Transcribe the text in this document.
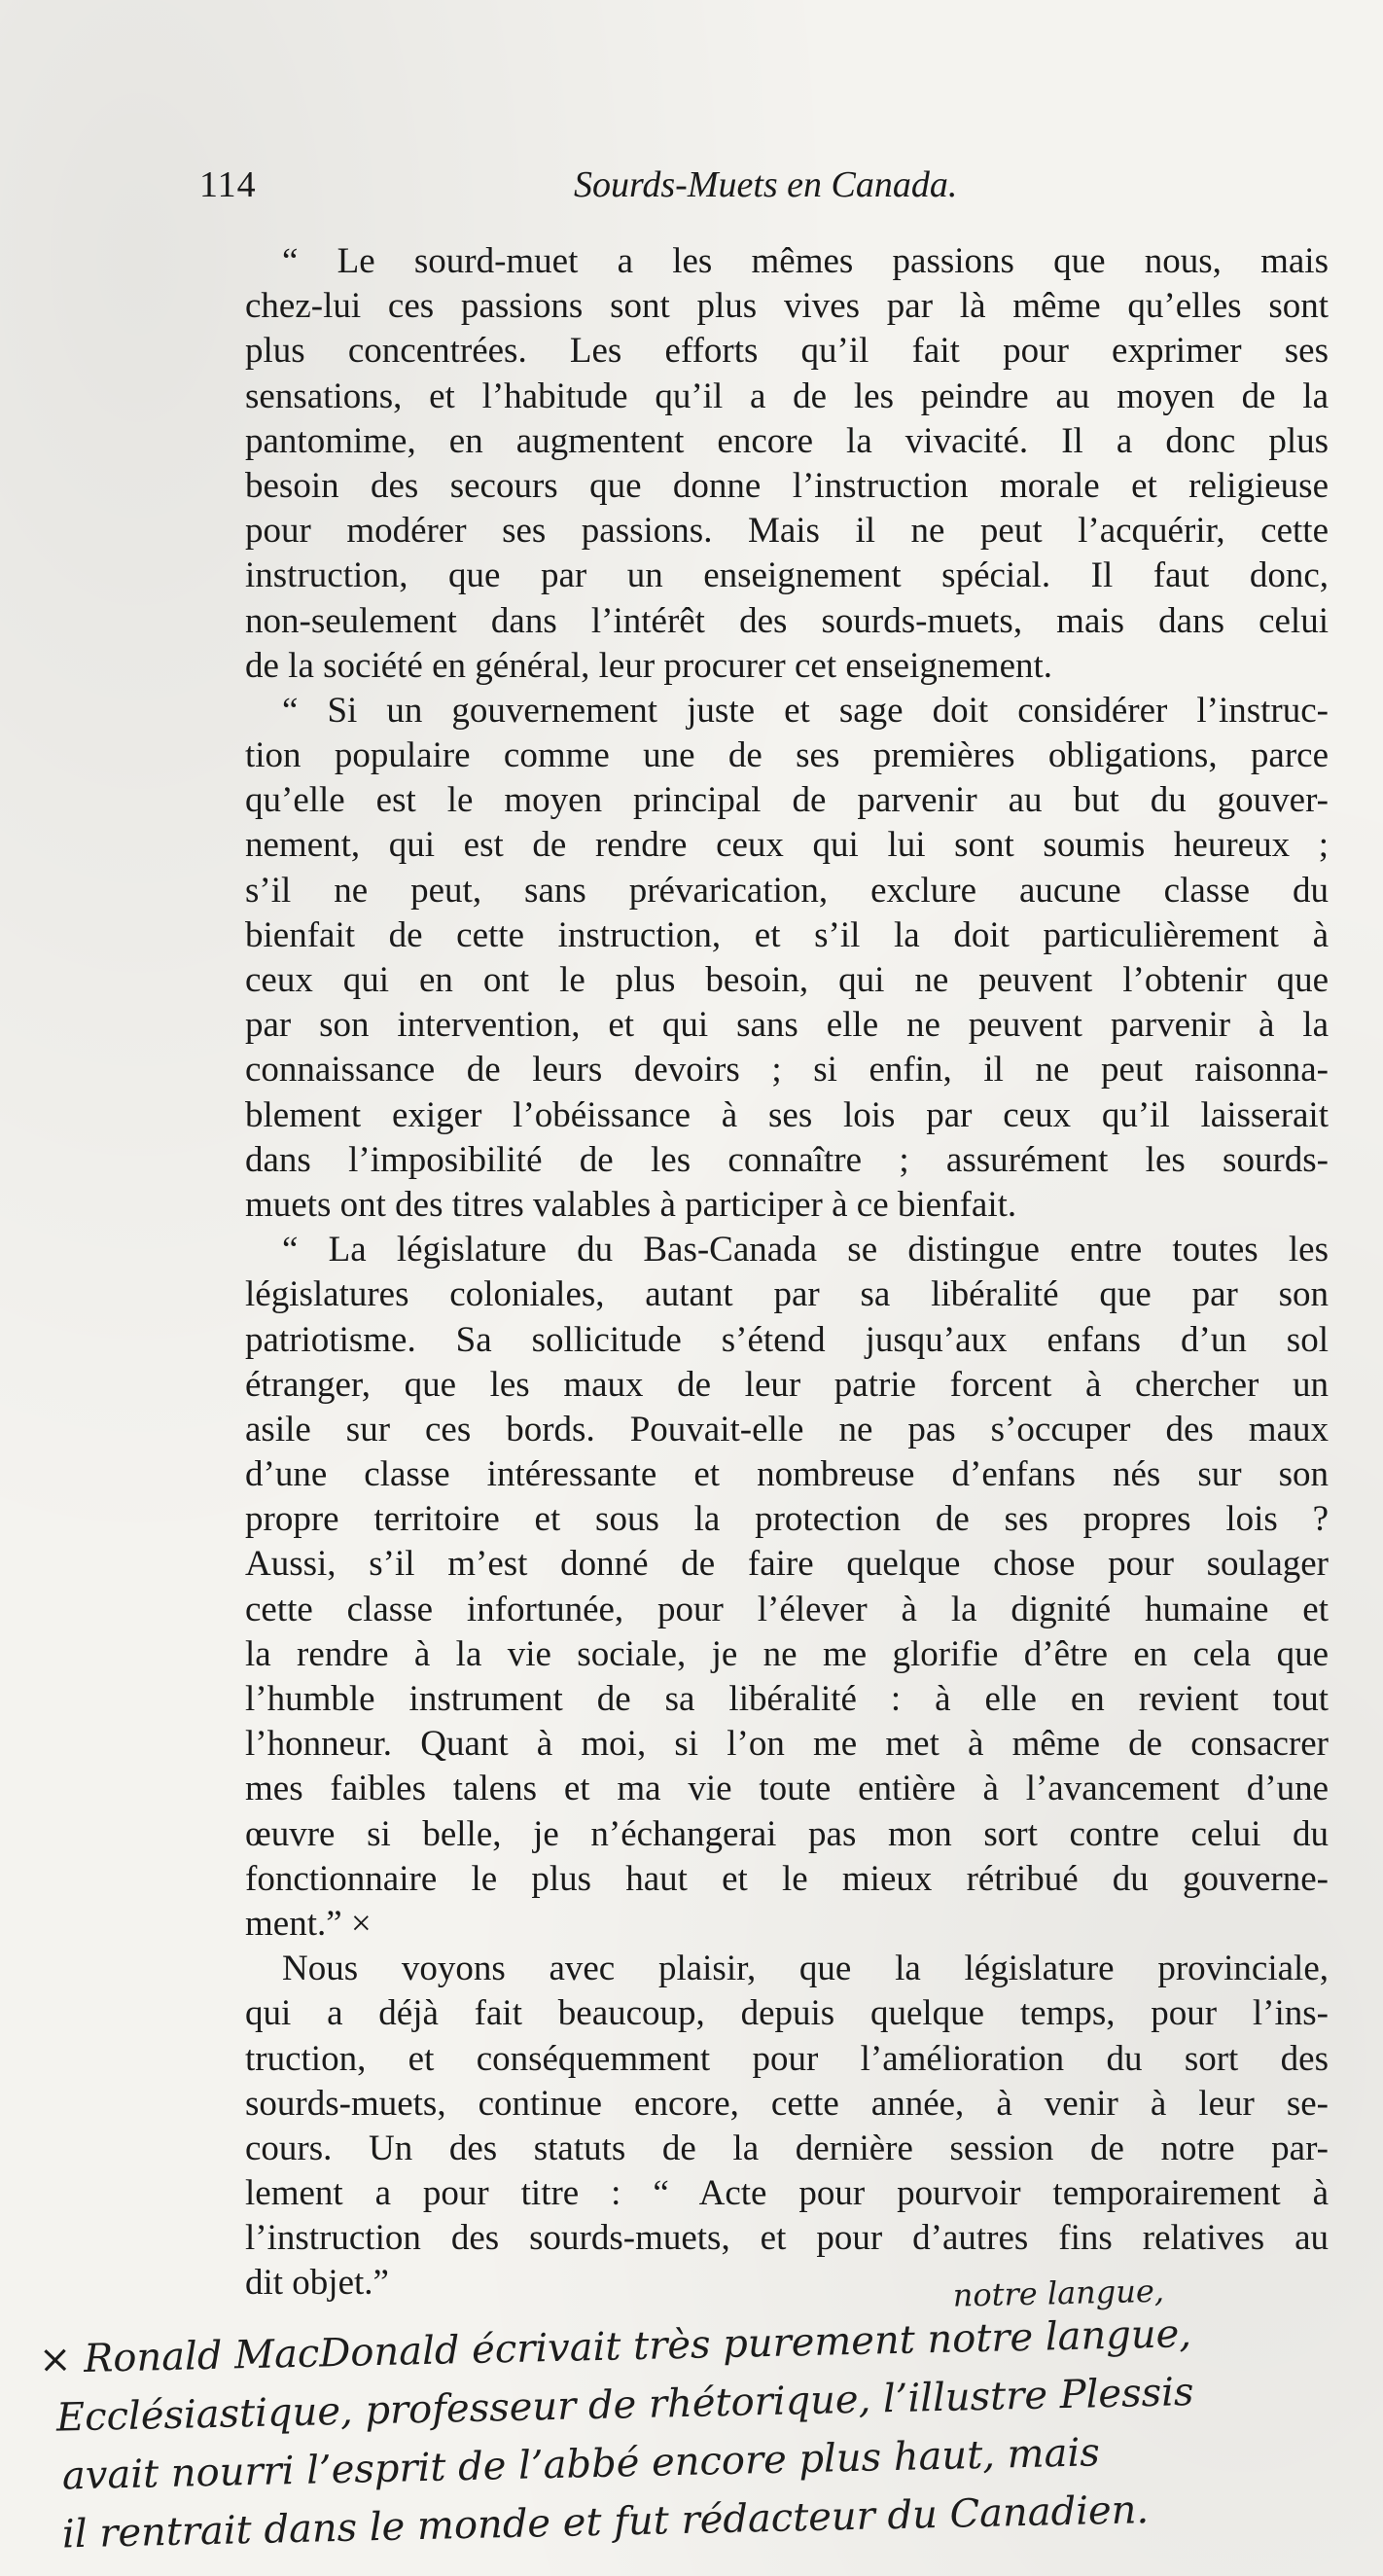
114	Sourds-Muets en Canada.
“ Le sourd-muet a les mêmes passions que nous, mais
chez-lui ces passions sont plus vives par là même qu’elles sont
plus concentrées. Les efforts qu’il fait pour exprimer ses
sensations, et l’habitude qu’il a de les peindre au moyen de la
pantomime, en augmentent encore la vivacité. Il a donc plus
besoin des secours que donne l’instruction morale et religieuse
pour modérer ses passions. Mais il ne peut l’acquérir, cette
instruction, que par un enseignement spécial. Il faut donc,
non-seulement dans l’intérêt des sourds-muets, mais dans celui
de la société en général, leur procurer cet enseignement.
“ Si un gouvernement juste et sage doit considérer l’instruc-
tion populaire comme une de ses premières obligations, parce
qu’elle est le moyen principal de parvenir au but du gouver-
nement, qui est de rendre ceux qui lui sont soumis heureux ;
s’il ne peut, sans prévarication, exclure aucune classe du
bienfait de cette instruction, et s’il la doit particulièrement à
ceux qui en ont le plus besoin, qui ne peuvent l’obtenir que
par son intervention, et qui sans elle ne peuvent parvenir à la
connaissance de leurs devoirs ; si enfin, il ne peut raisonna-
blement exiger l’obéissance à ses lois par ceux qu’il laisserait
dans l’imposibilité de les connaître ; assurément les sourds-
muets ont des titres valables à participer à ce bienfait.
“ La législature du Bas-Canada se distingue entre toutes les
législatures coloniales, autant par sa libéralité que par son
patriotisme. Sa sollicitude s’étend jusqu’aux enfans d’un sol
étranger, que les maux de leur patrie forcent à chercher un
asile sur ces bords. Pouvait-elle ne pas s’occuper des maux
d’une classe intéressante et nombreuse d’enfans nés sur son
propre territoire et sous la protection de ses propres lois ?
Aussi, s’il m’est donné de faire quelque chose pour soulager
cette classe infortunée, pour l’élever à la dignité humaine et
la rendre à la vie sociale, je ne me glorifie d’être en cela que
l’humble instrument de sa libéralité : à elle en revient tout
l’honneur. Quant à moi, si l’on me met à même de consacrer
mes faibles talens et ma vie toute entière à l’avancement d’une
œuvre si belle, je n’échangerai pas mon sort contre celui du
fonctionnaire le plus haut et le mieux rétribué du gouverne-
ment.” ×
Nous voyons avec plaisir, que la législature provinciale,
qui a déjà fait beaucoup, depuis quelque temps, pour l’ins-
truction, et conséquemment pour l’amélioration du sort des
sourds-muets, continue encore, cette année, à venir à leur se-
cours. Un des statuts de la dernière session de notre par-
lement a pour titre : “ Acte pour pourvoir temporairement à
l’instruction des sourds-muets, et pour d’autres fins relatives au
dit objet.”	notre langue,
× Ronald MacDonald écrivait très purement notre langue,
Ecclésiastique, professeur de rhétorique, l’illustre Plessis
avait nourri l’esprit de l’abbé encore plus haut, mais
il rentrait dans le monde et fut rédacteur du Canadien.
